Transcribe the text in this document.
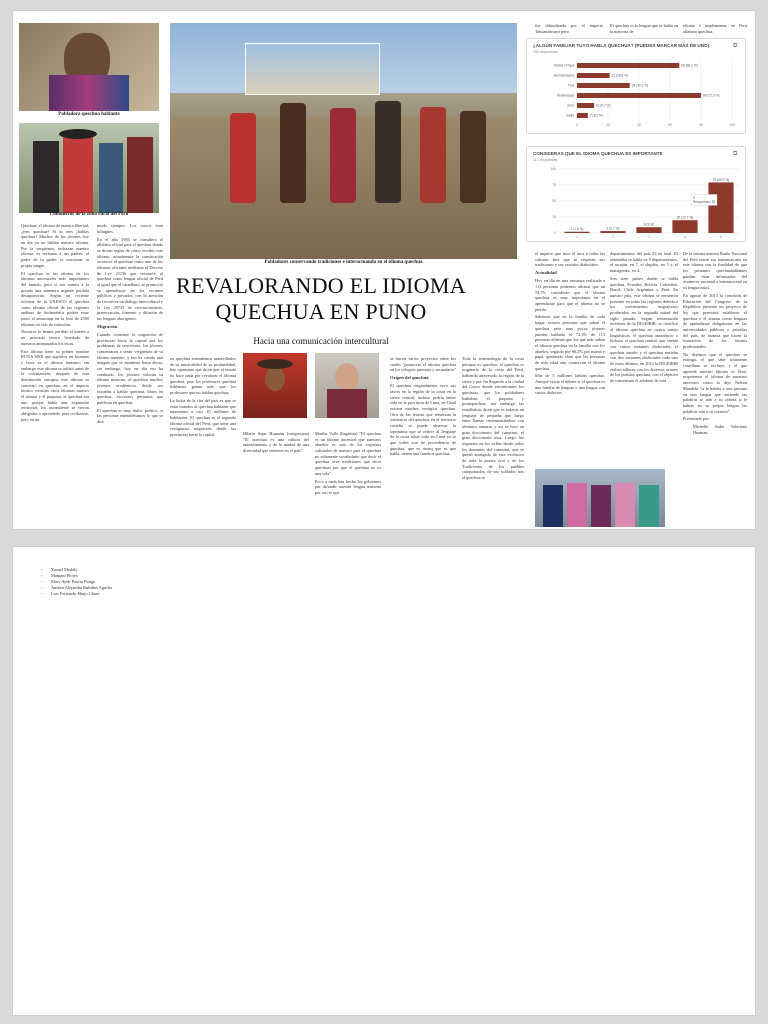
Pobladora quechua hablante
Comuneros de la zona rural del Perú
Pobladores conservando tradiciones e interactuando en el idioma quechua
REVALORANDO EL IDIOMA
QUECHUA EN PUNO
Hacia una comunicación intercultural

Quechua, el idioma de nuestra libertad, ¿eres quechua? Si lo eres ¿hablas quechua? Muchos de los jóvenes hoy en día ya no hablan nuestro idioma. Por la vergüenza, rechazan nuestro idioma, es rechazar a tus padres, al padre de tu padre, es traicionar tu propia sangre.

El quechua es un idioma de los idiomas ancestrales más importantes del mundo, pero sí nos vamos a la pesada una amenaza urgente perdida desaparezcan. Según un reciente informe de la UNESCO el quechua como idioma oficial de las regiones andinas de Sudamérica podría estar junto al amazonas en la lista de 2500 idiomas en vías de extinción.

Nosotros lo hemos perdido el interés a un preciado tesoro heredado de nuestros antepasados los incas.

Este idioma tiene su primer nombre RUNA SIMI que significa ser humano y boca es el idioma humano, sin embargo este idioma se utilizó antes de la colonización, después de esta dominación europea, este idioma se convirtió en quechua, en el imperio incaico existían otros idiomas nativos el aimara y el puquina; el quechua era uno porque había una expansión territorial, los ascendiente se vieron obligados a aprenderlo para civilizarse, pero en un

modo siempre. Los cursos eran bilingües.

En el año 1984 se considera el alfabeto oficial para el quechua donde se dictan reglas de cómo escribir este idioma, actualmente la constitución reconoce al quechua como uno de los idiomas oficiales mediante el Decreto de Ley 21156 que reconoce al quechua como lengua oficial de Perú al igual que el castellano, se promovió su aprendizaje en los recintos públicos y privados, con la atención de favorecer un diálogo intercultural y la Ley 29735 de reconocimiento, preservación, fomento y difusión de las lenguas aborígenes.

Migración

Cuando comenzó la migración de provincias hacia la capital por los problemas de terrorismo, los jóvenes comenzaron a sentir vergüenza de su idioma materno, y eso ha creado una imagen que se mantiene hasta ahora, sin embargo, hoy en día eso ha cambiado, los jóvenes valoran su idioma materno, el quechua muchos jóvenes académicos desde sus escuelas a hablar quechua, libros en quechua, escritores peruanos que publican en quechua.

El quechua es muy dulce, poético, si las personas entendiéramos lo que se dice

en quechua entendemos maravillados de su musicalidad de su profundidad, hay opiniones que dicen que el estado no hace nada por revalorar el idioma quechua, pero los profesores quechua hablantes ganan más que los profesores que no hablan quechua.

La lucha de la cita del país es que se estar tratados al quechua hablante que representa a casi 10 millones de habitantes. El quechua es el segundo idioma oficial del Perú, que tiene una vertiginosa migración desde las provincias hasta la capital.	Hilaria Supa Huamán (congresista) "El quechua es una cultura del entendimiento y de la unidad de una diversidad que tenemos en el país".

Martha Valle (lingüista) "El quechua es un idioma ancestral que nuestros abuelos es una de los registros culturales de nuestro país el quechua no solamente vocabulario que decir el quechua vive tradiciones que decir quechuas por que el quechua no es una sola".

Poco a nada han hecho los gobiernos por difundir nuestra lengua materna por eso es que

se hacen varios proyectos entre los cuales "promover el idioma quechua en los colegios primaria y secundaria"

Origen del quechua

El quechua originalmente tuvo sus raíces en la región de la costa en la sierra central, incluso podría haber sido en la provincia de Lima, en Caral existen muchos vestigios quechua. Otra de las teorías que refuerzan la existencia del quechua en el territorio costeño se puede observar la toponimia que se refiere al lenguaje de la costa sobre todo en Lima ya se que todos son de procedencia de quechua, que es rimaq que es que habla, tienen una fonética quechua.

Toda la terminología de la costa peruana es quechua, el quechua es originario de la costa del Perú, habiendo atravesado la región de la sierra y por fin llegando a la ciudad del Cusco donde encontramos los quechuas, que los pobladores hablaban el puquina y protoquechua, sin embargo las estadísticas dicen que es todavía un lenguaje de pequeña que luego entre llamas incrementándose con términos aimaras y así se hizo un gran diccionario del runasimi, el gran diccionario inca. Luego fue impuesto en los ayllus desde todos los dominios del runasimi, que se quedó arraigado de este exclusivo de toda la poesía oral y de los Tradiciones de los pueblos conquistados, de sus soldados tras el quechua se

fue difundiendo por el imperio Tahuantinsuyo pero

El quechua es la lengua que se habla en la mayoría de

idioma e implementar en Perú alfabeto quechua.

¿ALGÚN FAMILIAR TUYO HABLA QUECHUA? (PUEDES MARCAR MÁS DE UNO)
100 respuestas
⧉
0	20	40	60	80	100
Mamá o Papá	66 (66,2 %)
Hermanos(as)	21 (18,6 %)
Tíos	34 (30,1 %)
Abuelos(as)	80 (72,3 %)
otros	11 (9,7 %)
nadie	7 (6,2 %)
CONSIDERAS QUE EL IDIOMA QUECHUA ES IMPORTANTE
113 respuestas
⧉
0
25
50
75
100
2 (1,8 %)
1
3 (2,7 %)
2
9 (8 %)
3
20 (17,7 %)
4
79 (69,9 %)
5
5
Respuestas: 35

el imperio que tuvo el inca a todas las culturas fuer que se respetan sus tradiciones y sus vestidos dialectales.

Actualidad

Hoy en día en una encuesta realizada a 113 personas podemos afirmar que un 74,7% consideran que el idioma quechua es muy importante en el aprendizaje para que el idioma no se pierda.

Sabemos que en la familia de cada hogar existen personas que saben el quechua pero muy pocos jóvenes pueden hablarlo el 72,3% de 113 personas afirman que los que más saben el idioma quechua en la familia son los abuelos, seguido por 66,2% por mamá y papá, quedando claro que las personas de más edad aún conservan el idioma quechua.

Más de 5 millones hablan quechua. Aunque existe el debate si el quechua es una familia de lenguas o una lengua con varios dialectos.

departamentos del país 23 en total. El ashaninka se habla en 9 departamentos, el awajún, en 7, el shipibo, en 5 y, el matsigenka, en 4.

Son siete países donde se habla quechua, Ecuador, Bolivia, Colombia, Brasil, Chile Argentina y Perú. En nuestro país, este idioma se encuentra presente en todas las regiones debido a los movimientos migratorios producidos en la segunda mitad del siglo pasado. Según información recientes de la DIGEIBIR, se clasificó al idioma quechua en cuatro ramas lingüísticas, el quechua amazónico o kichwa, el quechua central, que cuenta con varios variantes dialectales, el quechua sureño y el quechua norteño con dos variantes dialectales cada uno de estos últimos, en 2012 la DIGEIBIR realizó talleres con los diversos actores de los pueblos quechua, con el objetivo de consensuar el alfabeto de esta

De la misma manera Radio Nacional del Perú inició sus transmisiones en este idioma con la finalidad de que los peruanos quechuahablantes puedan estar informados del acontecer nacional e internacional en su lengua natal.

En agosto de 2013 la comisión de Educación del Congreso de la República presentó un proyecto de ley que permitirá establecer el quechua e el aimara como lenguas de aprendizaje obligatorias en las universidades públicas y privadas del país, de manera que hacen la formación de los futuros profesionales.

No dejemos que el quechua se extinga, el que sabe solamente castellano se excluye, y el que aprende nuestro idioma es libre, respetemos el idioma de nuestros ancestros como lo dijo Nelson Mandela "si le hablas a una persona en una lengua que entiende las palabras se irán a su cabeza si le hablas en su propia lengua las palabras irán a su corazón".

Presentado por:

Michelle Sadia Valeriano Huaman

- Yusuel Medaly
- Mamani Flores
- Mary Ayde Pascar Pongo
- Andrea Alejandra Rubiños Aguilar
- Luis Fernando Hinjo Chase
